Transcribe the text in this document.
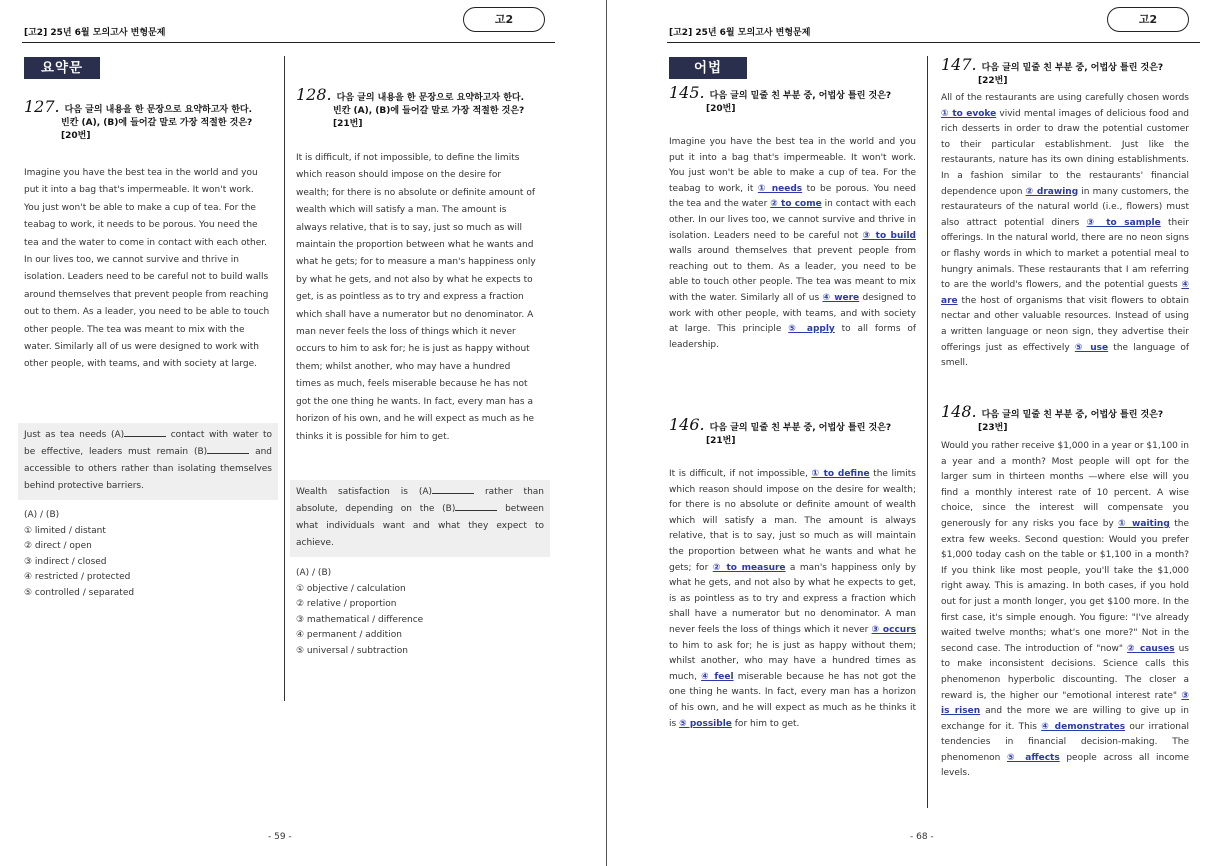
[고2] 25년 6월 모의고사 변형문제
고2
요약문
127. 다음 글의 내용을 한 문장으로 요약하고자 한다.
빈칸 (A), (B)에 들어갈 말로 가장 적절한 것은?
[20번]
Imagine you have the best tea in the world and you put it into a bag that's impermeable. It won't work. You just won't be able to make a cup of tea. For the teabag to work, it needs to be porous. You need the tea and the water to come in contact with each other. In our lives too, we cannot survive and thrive in isolation. Leaders need to be careful not to build walls around themselves that prevent people from reaching out to them. As a leader, you need to be able to touch other people. The tea was meant to mix with the water. Similarly all of us were designed to work with other people, with teams, and with society at large.
Just as tea needs (A)	contact with water to be effective, leaders must remain (B)	and accessible to others rather than isolating themselves behind protective barriers.
(A) / (B)
① limited / distant
② direct / open
③ indirect / closed
④ restricted / protected
⑤ controlled / separated
128. 다음 글의 내용을 한 문장으로 요약하고자 한다.
빈칸 (A), (B)에 들어갈 말로 가장 적절한 것은?
[21번]
It is difficult, if not impossible, to define the limits which reason should impose on the desire for wealth; for there is no absolute or definite amount of wealth which will satisfy a man. The amount is always relative, that is to say, just so much as will maintain the proportion between what he wants and what he gets; for to measure a man's happiness only by what he gets, and not also by what he expects to get, is as pointless as to try and express a fraction which shall have a numerator but no denominator. A man never feels the loss of things which it never occurs to him to ask for; he is just as happy without them; whilst another, who may have a hundred times as much, feels miserable because he has not got the one thing he wants. In fact, every man has a horizon of his own, and he will expect as much as he thinks it is possible for him to get.
Wealth satisfaction is (A)	rather than absolute, depending on the (B)	between what individuals want and what they expect to achieve.
(A) / (B)
① objective / calculation
② relative / proportion
③ mathematical / difference
④ permanent / addition
⑤ universal / subtraction
- 59 -
[고2] 25년 6월 모의고사 변형문제
고2
어법
145. 다음 글의 밑줄 친 부분 중, 어법상 틀린 것은?
[20번]
Imagine you have the best tea in the world and you put it into a bag that's impermeable. It won't work. You just won't be able to make a cup of tea. For the teabag to work, it ① needs to be porous. You need the tea and the water ② to come in contact with each other. In our lives too, we cannot survive and thrive in isolation. Leaders need to be careful not ③ to build walls around themselves that prevent people from reaching out to them. As a leader, you need to be able to touch other people. The tea was meant to mix with the water. Similarly all of us ④ were designed to work with other people, with teams, and with society at large. This principle ⑤ apply to all forms of leadership.
146. 다음 글의 밑줄 친 부분 중, 어법상 틀린 것은?
[21번]
It is difficult, if not impossible, ① to define the limits which reason should impose on the desire for wealth; for there is no absolute or definite amount of wealth which will satisfy a man. The amount is always relative, that is to say, just so much as will maintain the proportion between what he wants and what he gets; for ② to measure a man's happiness only by what he gets, and not also by what he expects to get, is as pointless as to try and express a fraction which shall have a numerator but no denominator. A man never feels the loss of things which it never ③ occurs to him to ask for; he is just as happy without them; whilst another, who may have a hundred times as much, ④ feel miserable because he has not got the one thing he wants. In fact, every man has a horizon of his own, and he will expect as much as he thinks it is ⑤ possible for him to get.
147. 다음 글의 밑줄 친 부분 중, 어법상 틀린 것은?
[22번]
All of the restaurants are using carefully chosen words ① to evoke vivid mental images of delicious food and rich desserts in order to draw the potential customer to their particular establishment. Just like the restaurants, nature has its own dining establishments. In a fashion similar to the restaurants' financial dependence upon ② drawing in many customers, the restaurateurs of the natural world (i.e., flowers) must also attract potential diners ③ to sample their offerings. In the natural world, there are no neon signs or flashy words in which to market a potential meal to hungry animals. These restaurants that I am referring to are the world's flowers, and the potential guests ④ are the host of organisms that visit flowers to obtain nectar and other valuable resources. Instead of using a written language or neon sign, they advertise their offerings just as effectively ⑤ use the language of smell.
148. 다음 글의 밑줄 친 부분 중, 어법상 틀린 것은?
[23번]
Would you rather receive $1,000 in a year or $1,100 in a year and a month? Most people will opt for the larger sum in thirteen months —where else will you find a monthly interest rate of 10 percent. A wise choice, since the interest will compensate you generously for any risks you face by ① waiting the extra few weeks. Second question: Would you prefer $1,000 today cash on the table or $1,100 in a month? If you think like most people, you'll take the $1,000 right away. This is amazing. In both cases, if you hold out for just a month longer, you get $100 more. In the first case, it's simple enough. You figure: "I've already waited twelve months; what's one more?" Not in the second case. The introduction of "now" ② causes us to make inconsistent decisions. Science calls this phenomenon hyperbolic discounting. The closer a reward is, the higher our "emotional interest rate" ③ is risen and the more we are willing to give up in exchange for it. This ④ demonstrates our irrational tendencies in financial decision-making. The phenomenon ⑤ affects people across all income levels.
- 68 -
